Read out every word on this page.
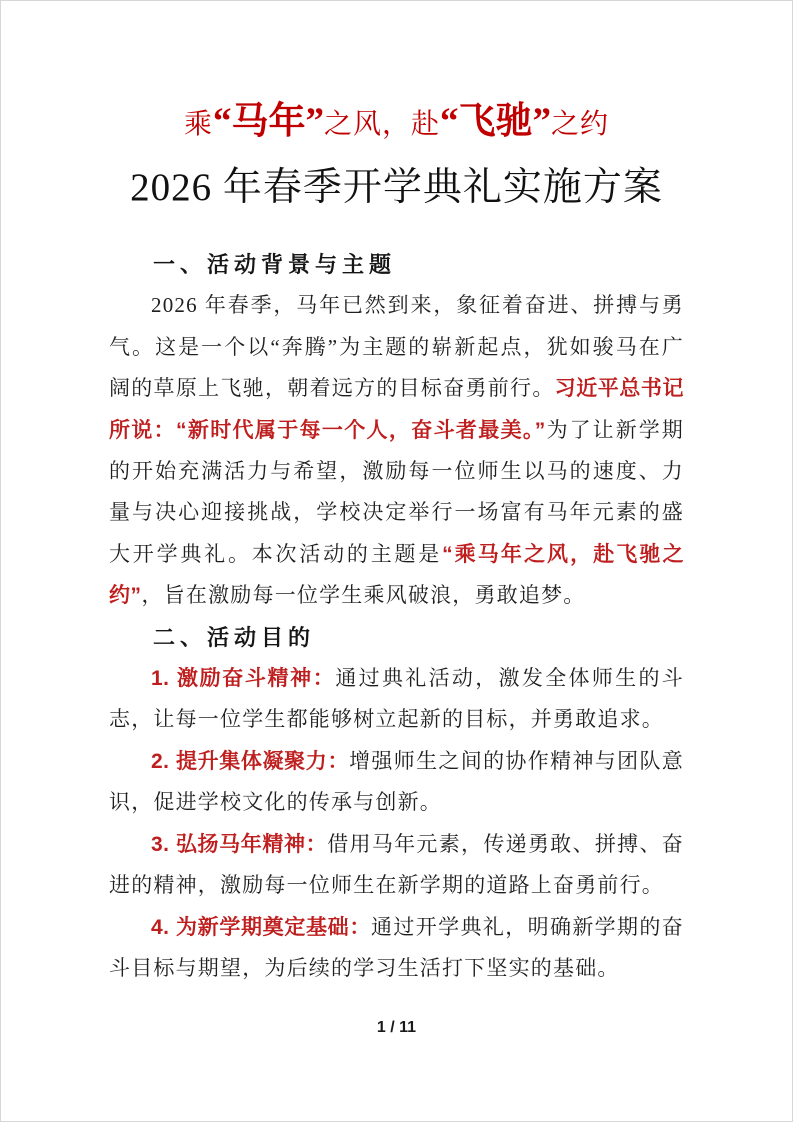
乘“马年”之风，赴“飞驰”之约
2026 年春季开学典礼实施方案
一、活动背景与主题

2026 年春季，马年已然到来，象征着奋进、拼搏与勇气。这是一个以“奔腾”为主题的崭新起点，犹如骏马在广阔的草原上飞驰，朝着远方的目标奋勇前行。习近平总书记所说：“新时代属于每一个人，奋斗者最美。”为了让新学期的开始充满活力与希望，激励每一位师生以马的速度、力量与决心迎接挑战，学校决定举行一场富有马年元素的盛大开学典礼。本次活动的主题是“乘马年之风，赴飞驰之约”，旨在激励每一位学生乘风破浪，勇敢追梦。

二、活动目的

1. 激励奋斗精神：通过典礼活动，激发全体师生的斗志，让每一位学生都能够树立起新的目标，并勇敢追求。

2. 提升集体凝聚力：增强师生之间的协作精神与团队意识，促进学校文化的传承与创新。

3. 弘扬马年精神：借用马年元素，传递勇敢、拼搏、奋进的精神，激励每一位师生在新学期的道路上奋勇前行。

4. 为新学期奠定基础：通过开学典礼，明确新学期的奋斗目标与期望，为后续的学习生活打下坚实的基础。

1 / 11
